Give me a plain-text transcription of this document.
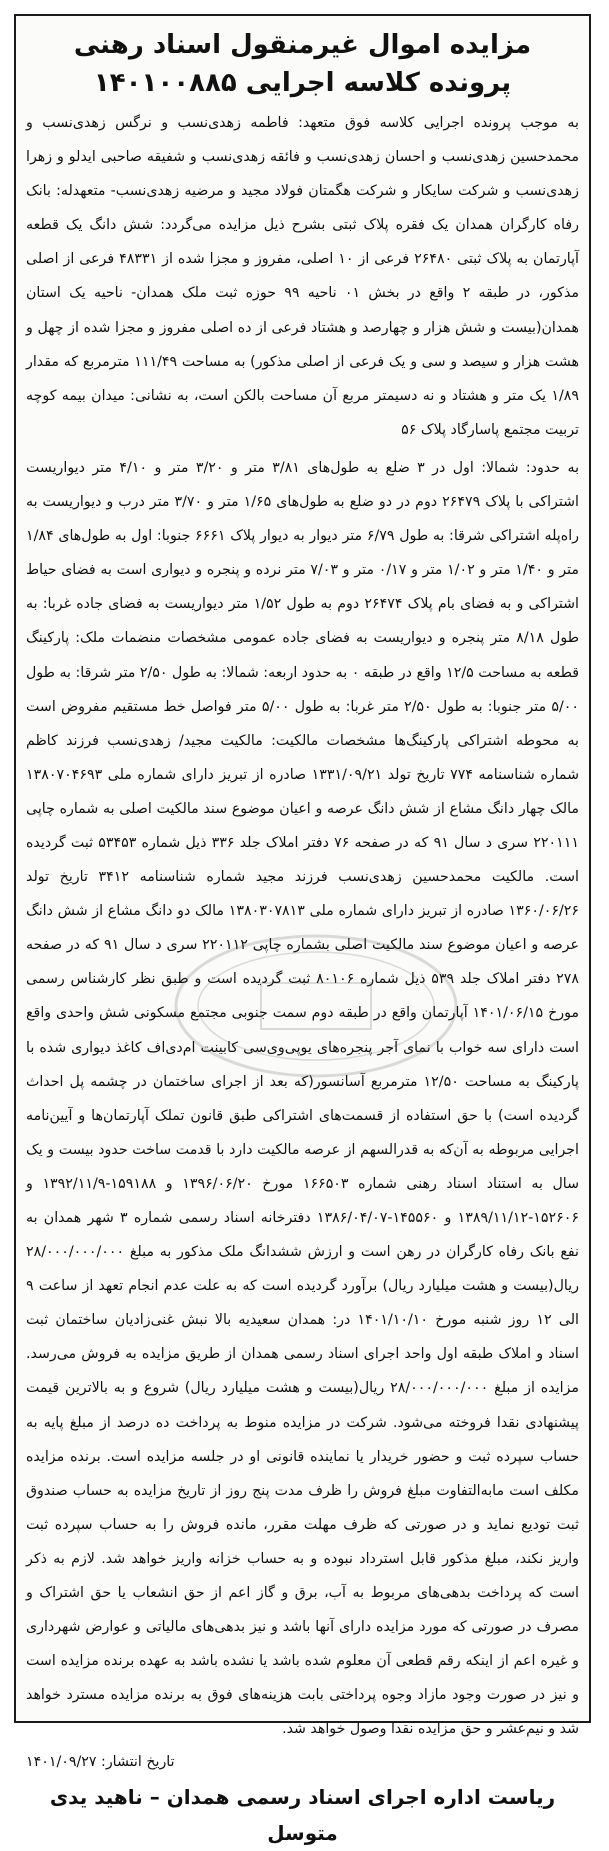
مزایده اموال غیرمنقول اسناد رهنی
پرونده کلاسه اجرایی ۱۴۰۱۰۰۸۸۵

به موجب پرونده اجرایی کلاسه فوق متعهد: فاطمه زهدی‌نسب و نرگس زهدی‌نسب و محمدحسین زهدی‌نسب و احسان زهدی‌نسب و فائقه زهدی‌نسب و شفیقه صاحبی ایدلو و زهرا زهدی‌نسب و شرکت سایکار و شرکت هگمتان فولاد مجید و مرضیه زهدی‌نسب- متعهدله: بانک رفاه کارگران همدان یک فقره پلاک ثبتی بشرح ذیل مزایده می‌گردد: شش دانگ یک قطعه آپارتمان به پلاک ثبتی ۲۶۴۸۰ فرعی از ۱۰ اصلی، مفروز و مجزا شده از ۴۸۳۳۱ فرعی از اصلی مذکور، در طبقه ۲ واقع در بخش ۰۱ ناحیه ۹۹ حوزه ثبت ملک همدان- ناحیه یک استان همدان(بیست و شش هزار و چهارصد و هشتاد فرعی از ده اصلی مفروز و مجزا شده از چهل و هشت هزار و سیصد و سی و یک فرعی از اصلی مذکور) به مساحت ۱۱۱/۴۹ مترمربع که مقدار ۱/۸۹ یک متر و هشتاد و نه دسیمتر مربع آن مساحت بالکن است، به نشانی: میدان بیمه کوچه تربیت مجتمع پاسارگاد پلاک ۵۶

به حدود: شمالا: اول در ۳ ضلع به طول‌های ۳/۸۱ متر و ۳/۲۰ متر و ۴/۱۰ متر دیواریست اشتراکی با پلاک ۲۶۴۷۹ دوم در دو ضلع به طول‌های ۱/۶۵ متر و ۳/۷۰ متر درب و دیواریست به راه‌پله اشتراکی شرقا: به طول ۶/۷۹ متر دیوار به دیوار پلاک ۶۶۶۱ جنوبا: اول به طول‌های ۱/۸۴ متر و ۱/۴۰ متر و ۱/۰۲ متر و ۰/۱۷ متر و ۷/۰۳ متر نرده و پنجره و دیواری است به فضای حیاط اشتراکی و به فضای بام پلاک ۲۶۴۷۴ دوم به طول ۱/۵۲ متر دیواریست به فضای جاده غربا: به طول ۸/۱۸ متر پنجره و دیواریست به فضای جاده عمومی مشخصات منضمات ملک: پارکینگ قطعه به مساحت ۱۲/۵ واقع در طبقه ۰ به حدود اربعه: شمالا: به طول ۲/۵۰ متر شرقا: به طول ۵/۰۰ متر جنوبا: به طول ۲/۵۰ متر غربا: به طول ۵/۰۰ متر فواصل خط مستقیم مفروض است به محوطه اشتراکی پارکینگ‌ها مشخصات مالکیت: مالکیت مجید/ زهدی‌نسب فرزند کاظم شماره شناسنامه ۷۷۴ تاریخ تولد ۱۳۳۱/۰۹/۲۱ صادره از تبریز دارای شماره ملی ۱۳۸۰۷۰۴۶۹۳ مالک چهار دانگ مشاع از شش دانگ عرصه و اعیان موضوع سند مالکیت اصلی به شماره چاپی ۲۲۰۱۱۱ سری د سال ۹۱ که در صفحه ۷۶ دفتر املاک جلد ۳۳۶ ذیل شماره ۵۳۴۵۳ ثبت گردیده است. مالکیت محمدحسین زهدی‌نسب فرزند مجید شماره شناسنامه ۳۴۱۲ تاریخ تولد ۱۳۶۰/۰۶/۲۶ صادره از تبریز دارای شماره ملی ۱۳۸۰۳۰۷۸۱۳ مالک دو دانگ مشاع از شش دانگ عرصه و اعیان موضوع سند مالکیت اصلی بشماره چاپی ۲۲۰۱۱۲ سری د سال ۹۱ که در صفحه ۲۷۸ دفتر املاک جلد ۵۳۹ ذیل شماره ۸۰۱۰۶ ثبت گردیده است و طبق نظر کارشناس رسمی مورخ ۱۴۰۱/۰۶/۱۵ آپارتمان واقع در طبقه دوم سمت جنوبی مجتمع مسکونی شش واحدی واقع است دارای سه خواب با نمای آجر پنجره‌های یوپی‌وی‌سی کابینت ام‌دی‌اف کاغذ دیواری شده با پارکینگ به مساحت ۱۲/۵۰ مترمربع آسانسور(که بعد از اجرای ساختمان در چشمه پل احداث گردیده است) با حق استفاده از قسمت‌های اشتراکی طبق قانون تملک آپارتمان‌ها و آیین‌نامه اجرایی مربوطه به آن‌که به قدرالسهم از عرصه مالکیت دارد با قدمت ساخت حدود بیست و یک سال به استناد اسناد رهنی شماره ۱۶۶۵۰۳ مورخ ۱۳۹۶/۰۶/۲۰ و ۱۵۹۱۸۸-۱۳۹۲/۱۱/۹ و ۱۵۲۶۰۶-۱۳۸۹/۱۱/۱۲ و ۱۴۵۵۶۰-۱۳۸۶/۰۴/۰۷ دفترخانه اسناد رسمی شماره ۳ شهر همدان به نفع بانک رفاه کارگران در رهن است و ارزش ششدانگ ملک مذکور به مبلغ ۲۸/۰۰۰/۰۰۰/۰۰۰ ریال(بیست و هشت میلیارد ریال) برآورد گردیده است که به علت عدم انجام تعهد از ساعت ۹ الی ۱۲ روز شنبه مورخ ۱۴۰۱/۱۰/۱۰ در: همدان سعیدیه بالا نبش غنی‌زادیان ساختمان ثبت اسناد و املاک طبقه اول واحد اجرای اسناد رسمی همدان از طریق مزایده به فروش می‌رسد. مزایده از مبلغ ۲۸/۰۰۰/۰۰۰/۰۰۰ ریال(بیست و هشت میلیارد ریال) شروع و به بالاترین قیمت پیشنهادی نقدا فروخته می‌شود. شرکت در مزایده منوط به پرداخت ده درصد از مبلغ پایه به حساب سپرده ثبت و حضور خریدار یا نماینده قانونی او در جلسه مزایده است. برنده مزایده مکلف است مابه‌التفاوت مبلغ فروش را ظرف مدت پنج روز از تاریخ مزایده به حساب صندوق ثبت تودیع نماید و در صورتی که ظرف مهلت مقرر، مانده فروش را به حساب سپرده ثبت واریز نکند، مبلغ مذکور قابل استرداد نبوده و به حساب خزانه واریز خواهد شد. لازم به ذکر است که پرداخت بدهی‌های مربوط به آب، برق و گاز اعم از حق انشعاب یا حق اشتراک و مصرف در صورتی که مورد مزایده دارای آنها باشد و نیز بدهی‌های مالیاتی و عوارض شهرداری و غیره اعم از اینکه رقم قطعی آن معلوم شده باشد یا نشده باشد به عهده برنده مزایده است و نیز در صورت وجود مازاد وجوه پرداختی بابت هزینه‌های فوق به برنده مزایده مسترد خواهد شد و نیم‌عشر و حق مزایده نقدا وصول خواهد شد.

تاریخ انتشار: ۱۴۰۱/۰۹/۲۷
ریاست اداره اجرای اسناد رسمی همدان – ناهید یدی متوسل
